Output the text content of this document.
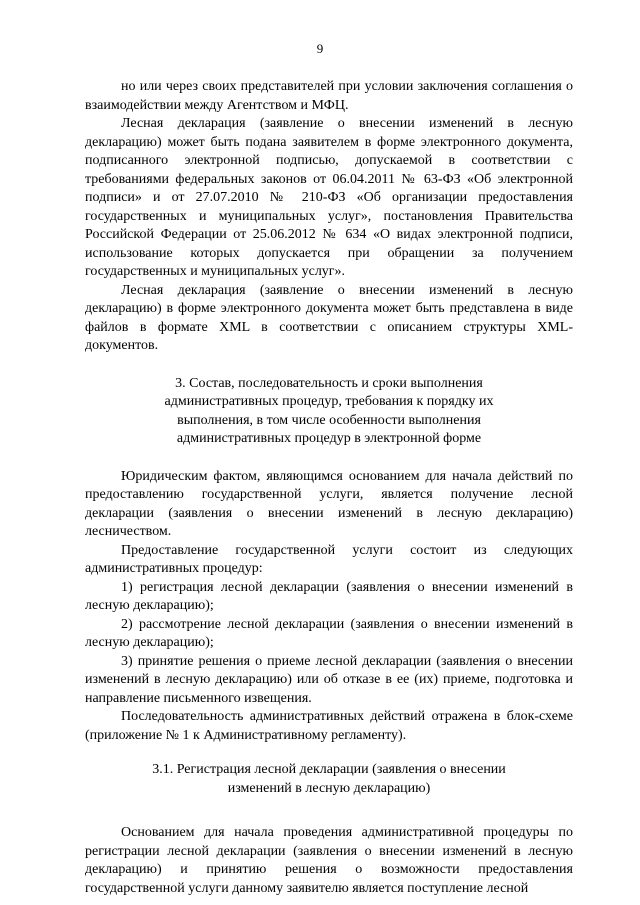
9

но или через своих представителей при условии заключения соглашения о взаимодействии между Агентством и МФЦ.

Лесная декларация (заявление о внесении изменений в лесную декларацию) может быть подана заявителем в форме электронного документа, подписанного электронной подписью, допускаемой в соответствии с требованиями федеральных законов от 06.04.2011 № 63-ФЗ «Об электронной подписи» и от 27.07.2010 № 210-ФЗ «Об организации предоставления государственных и муниципальных услуг», постановления Правительства Российской Федерации от 25.06.2012 № 634 «О видах электронной подписи, использование которых допускается при обращении за получением государственных и муниципальных услуг».

Лесная декларация (заявление о внесении изменений в лесную декларацию) в форме электронного документа может быть представлена в виде файлов в формате XML в соответствии с описанием структуры XML-документов.

3. Состав, последовательность и сроки выполнения
административных процедур, требования к порядку их
выполнения, в том числе особенности выполнения
административных процедур в электронной форме

Юридическим фактом, являющимся основанием для начала действий по предоставлению государственной услуги, является получение лесной декларации (заявления о внесении изменений в лесную декларацию) лесничеством.

Предоставление государственной услуги состоит из следующих административных процедур:

1) регистрация лесной декларации (заявления о внесении изменений в лесную декларацию);

2) рассмотрение лесной декларации (заявления о внесении изменений в лесную декларацию);

3) принятие решения о приеме лесной декларации (заявления о внесении изменений в лесную декларацию) или об отказе в ее (их) приеме, подготовка и направление письменного извещения.

Последовательность административных действий отражена в блок-схеме (приложение № 1 к Административному регламенту).

3.1. Регистрация лесной декларации (заявления о внесении
изменений в лесную декларацию)

Основанием для начала проведения административной процедуры по регистрации лесной декларации (заявления о внесении изменений в лесную декларацию) и принятию решения о возможности предоставления государственной услуги данному заявителю является поступление лесной
